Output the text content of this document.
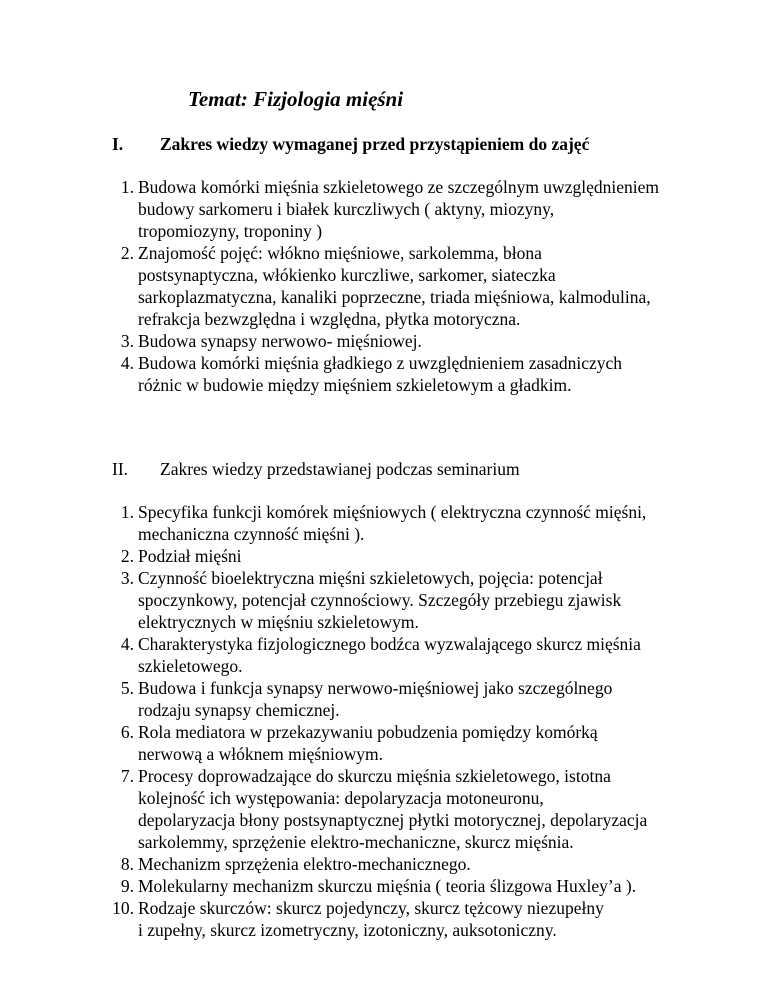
Temat: Fizjologia mięśni
I. Zakres wiedzy wymaganej przed przystąpieniem do zajęć
1. Budowa komórki mięśnia szkieletowego ze szczególnym uwzględnieniem
budowy sarkomeru i białek kurczliwych ( aktyny, miozyny,
tropomiozyny, troponiny )
2. Znajomość pojęć: włókno mięśniowe, sarkolemma, błona
postsynaptyczna, włókienko kurczliwe, sarkomer, siateczka
sarkoplazmatyczna, kanaliki poprzeczne, triada mięśniowa, kalmodulina,
refrakcja bezwzględna i względna, płytka motoryczna.
3. Budowa synapsy nerwowo- mięśniowej.
4. Budowa komórki mięśnia gładkiego z uwzględnieniem zasadniczych
różnic w budowie między mięśniem szkieletowym a gładkim.
II. Zakres wiedzy przedstawianej podczas seminarium
1. Specyfika funkcji komórek mięśniowych ( elektryczna czynność mięśni,
mechaniczna czynność mięśni ).
2. Podział mięśni
3. Czynność bioelektryczna mięśni szkieletowych, pojęcia: potencjał
spoczynkowy, potencjał czynnościowy. Szczegóły przebiegu zjawisk
elektrycznych w mięśniu szkieletowym.
4. Charakterystyka fizjologicznego bodźca wyzwalającego skurcz mięśnia
szkieletowego.
5. Budowa i funkcja synapsy nerwowo-mięśniowej jako szczególnego
rodzaju synapsy chemicznej.
6. Rola mediatora w przekazywaniu pobudzenia pomiędzy komórką
nerwową a włóknem mięśniowym.
7. Procesy doprowadzające do skurczu mięśnia szkieletowego, istotna
kolejność ich występowania: depolaryzacja motoneuronu,
depolaryzacja błony postsynaptycznej płytki motorycznej, depolaryzacja
sarkolemmy, sprzężenie elektro-mechaniczne, skurcz mięśnia.
8. Mechanizm sprzężenia elektro-mechanicznego.
9. Molekularny mechanizm skurczu mięśnia ( teoria ślizgowa Huxley’a ).
10. Rodzaje skurczów: skurcz pojedynczy, skurcz tężcowy niezupełny
i zupełny, skurcz izometryczny, izotoniczny, auksotoniczny.
